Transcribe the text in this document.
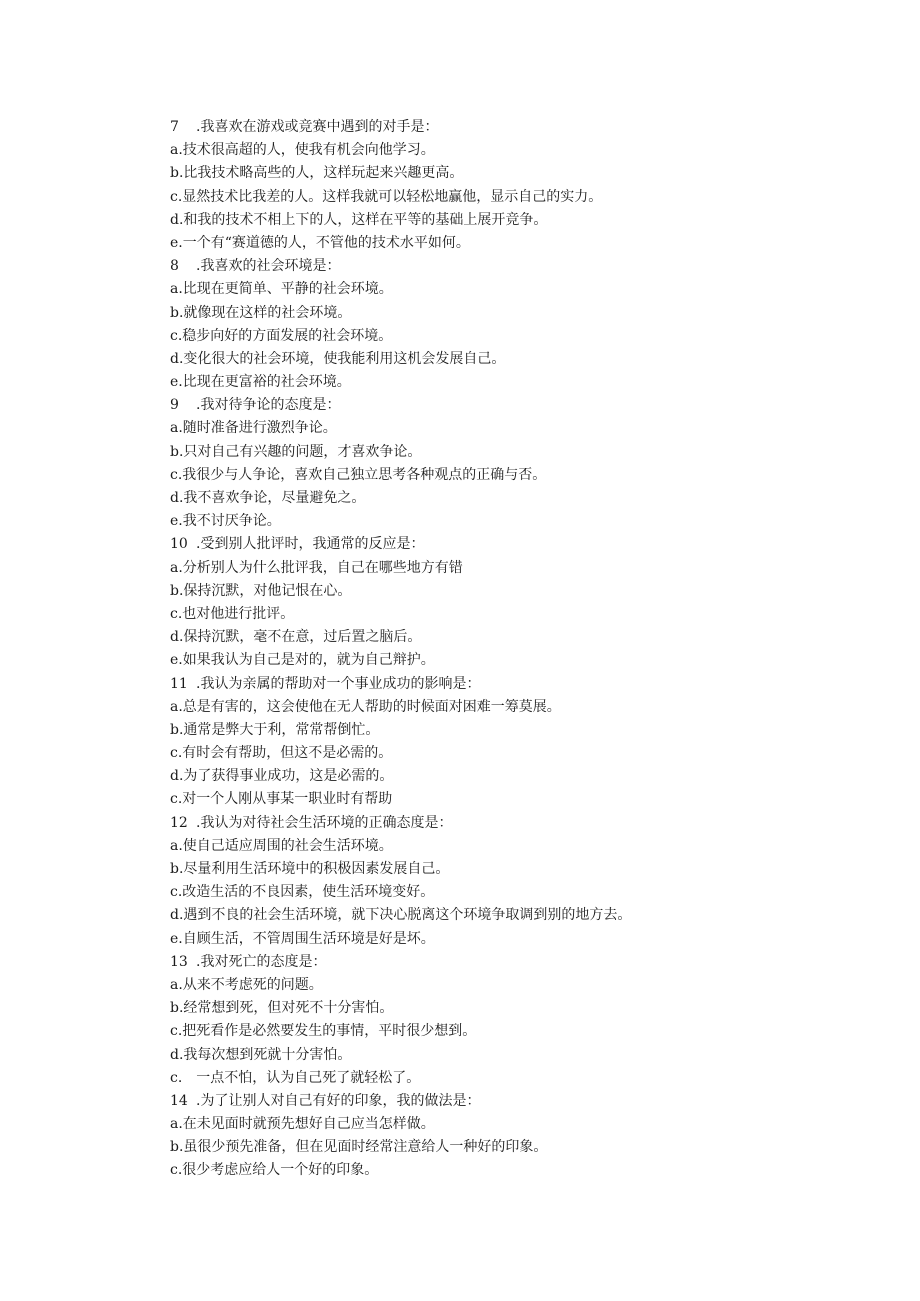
7 .我喜欢在游戏或竞赛中遇到的对手是：
a.技术很高超的人，使我有机会向他学习。
b.比我技术略高些的人，这样玩起来兴趣更高。
c.显然技术比我差的人。这样我就可以轻松地赢他，显示自己的实力。
d.和我的技术不相上下的人，这样在平等的基础上展开竞争。
e.一个有“赛道德的人，不管他的技术水平如何。
8 .我喜欢的社会环境是：
a.比现在更简单、平静的社会环境。
b.就像现在这样的社会环境。
c.稳步向好的方面发展的社会环境。
d.变化很大的社会环境，使我能利用这机会发展自己。
e.比现在更富裕的社会环境。
9 .我对待争论的态度是：
a.随时准备进行激烈争论。
b.只对自己有兴趣的问题，才喜欢争论。
c.我很少与人争论，喜欢自己独立思考各种观点的正确与否。
d.我不喜欢争论，尽量避免之。
e.我不讨厌争论。
10 .受到别人批评时，我通常的反应是：
a.分析别人为什么批评我，自己在哪些地方有错
b.保持沉默，对他记恨在心。
c.也对他进行批评。
d.保持沉默，毫不在意，过后置之脑后。
e.如果我认为自己是对的，就为自己辩护。
11 .我认为亲属的帮助对一个事业成功的影响是：
a.总是有害的，这会使他在无人帮助的时候面对困难一筹莫展。
b.通常是弊大于利，常常帮倒忙。
c.有时会有帮助，但这不是必需的。
d.为了获得事业成功，这是必需的。
c.对一个人刚从事某一职业时有帮助
12 .我认为对待社会生活环境的正确态度是：
a.使自己适应周围的社会生活环境。
b.尽量利用生活环境中的积极因素发展自己。
c.改造生活的不良因素，使生活环境变好。
d.遇到不良的社会生活环境，就下决心脱离这个环境争取调到别的地方去。
e.自顾生活，不管周围生活环境是好是坏。
13 .我对死亡的态度是：
a.从来不考虑死的问题。
b.经常想到死，但对死不十分害怕。
c.把死看作是必然要发生的事情，平时很少想到。
d.我每次想到死就十分害怕。
c.　一点不怕，认为自己死了就轻松了。
14 .为了让别人对自己有好的印象，我的做法是：
a.在未见面时就预先想好自己应当怎样做。
b.虽很少预先准备，但在见面时经常注意给人一种好的印象。
c.很少考虑应给人一个好的印象。
